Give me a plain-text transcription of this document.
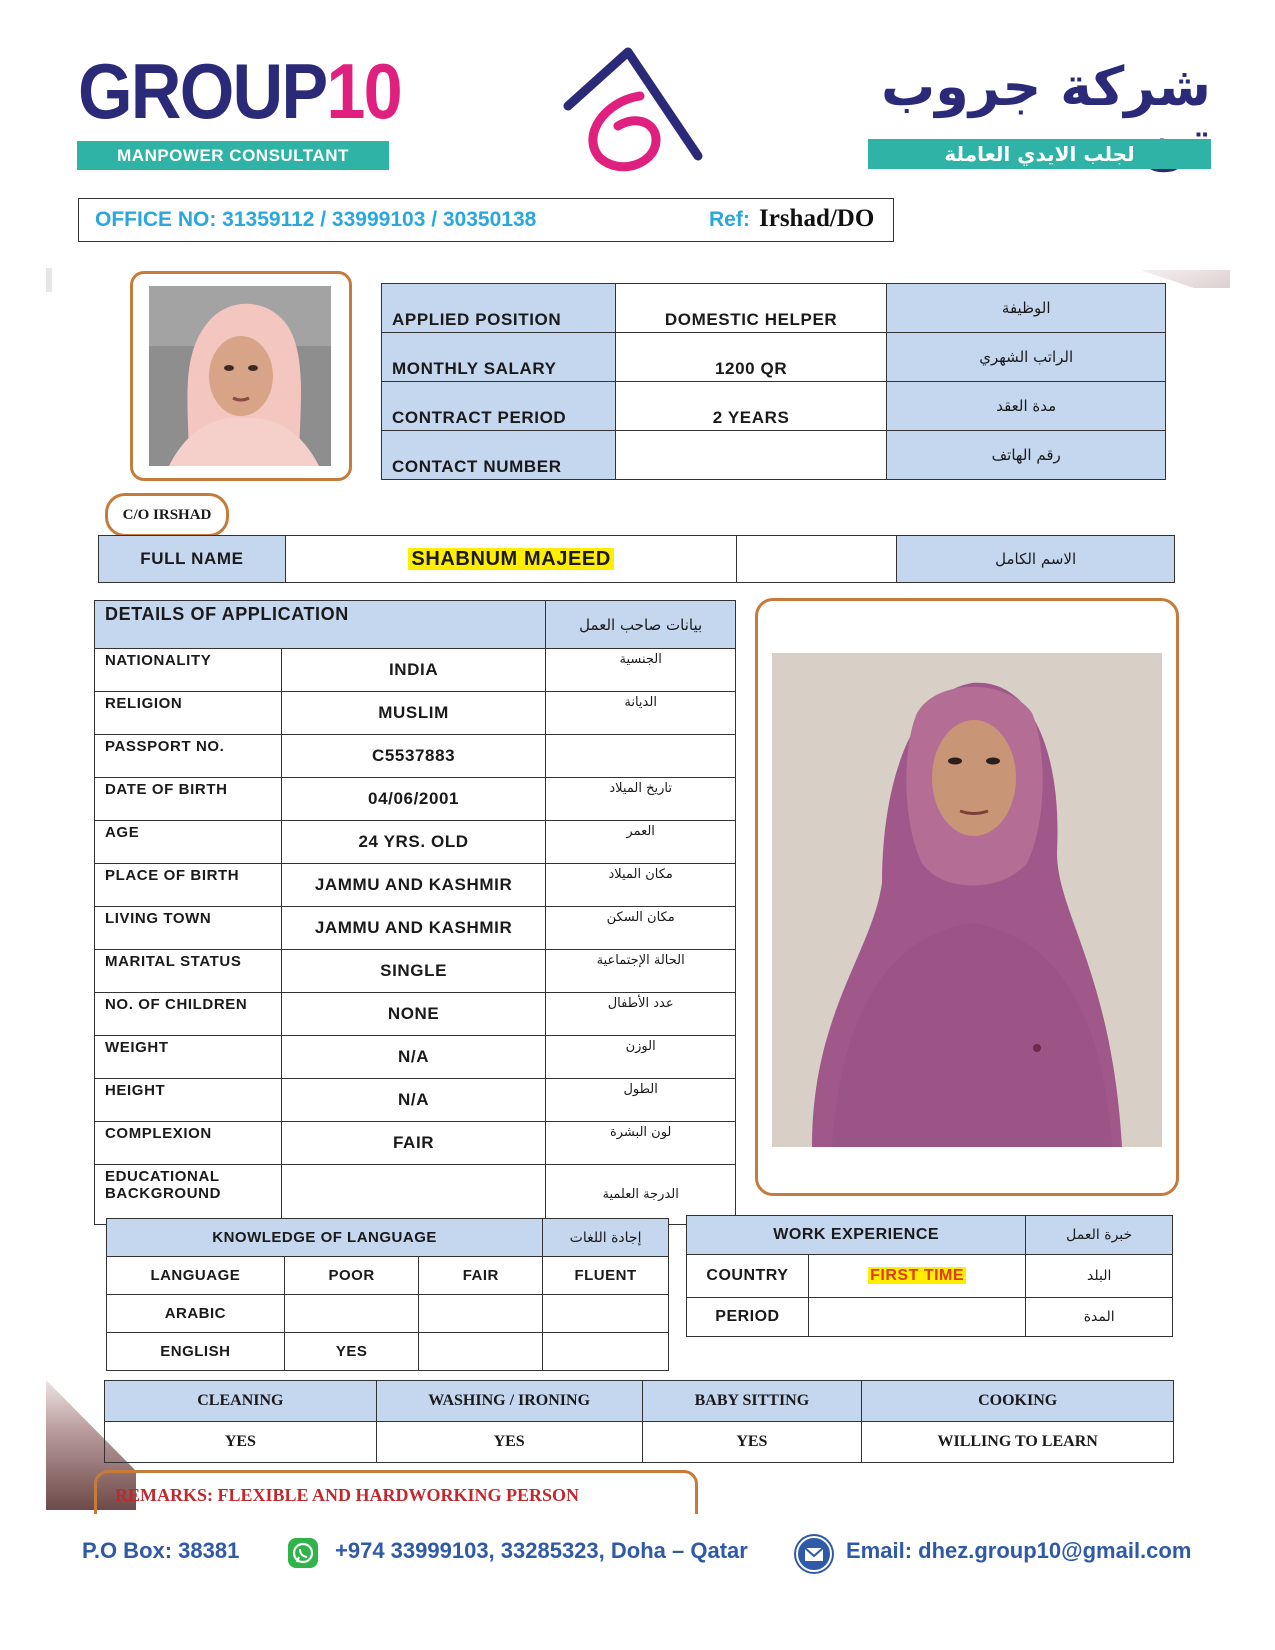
GROUP10
MANPOWER CONSULTANT
شركة جروب
لجلب الايدي العاملة
OFFICE NO: 31359112 / 33999103 / 30350138	Ref: Irshad/DO
APPLIED POSITION	DOMESTIC HELPER	الوظيفة
MONTHLY SALARY	1200 QR	الراتب الشهري
CONTRACT PERIOD	2 YEARS	مدة العقد
CONTACT NUMBER		رقم الهاتف
C/O IRSHAD
FULL NAME	SHABNUM MAJEED		الاسم الكامل
DETAILS OF APPLICATION		بيانات صاحب العمل
NATIONALITY	INDIA	الجنسية
RELIGION	MUSLIM	الديانة
PASSPORT NO.	C5537883	
DATE OF BIRTH	04/06/2001	تاريخ الميلاد
AGE	24 YRS. OLD	العمر
PLACE OF BIRTH	JAMMU AND KASHMIR	مكان الميلاد
LIVING TOWN	JAMMU AND KASHMIR	مكان السكن
MARITAL STATUS	SINGLE	الحالة الإجتماعية
NO. OF CHILDREN	NONE	عدد الأطفال
WEIGHT	N/A	الوزن
HEIGHT	N/A	الطول
COMPLEXION	FAIR	لون البشرة
EDUCATIONAL BACKGROUND		الدرجة العلمية
KNOWLEDGE OF LANGUAGE			إجادة اللغات
LANGUAGE	POOR	FAIR	FLUENT
ARABIC			
ENGLISH	YES		
WORK EXPERIENCE		خبرة العمل
COUNTRY	FIRST TIME	البلد
PERIOD		المدة
CLEANING	WASHING / IRONING	BABY SITTING	COOKING
YES	YES	YES	WILLING TO LEARN
REMARKS: FLEXIBLE AND HARDWORKING PERSON
P.O Box: 38381	+974 33999103, 33285323, Doha – Qatar	Email: dhez.group10@gmail.com
